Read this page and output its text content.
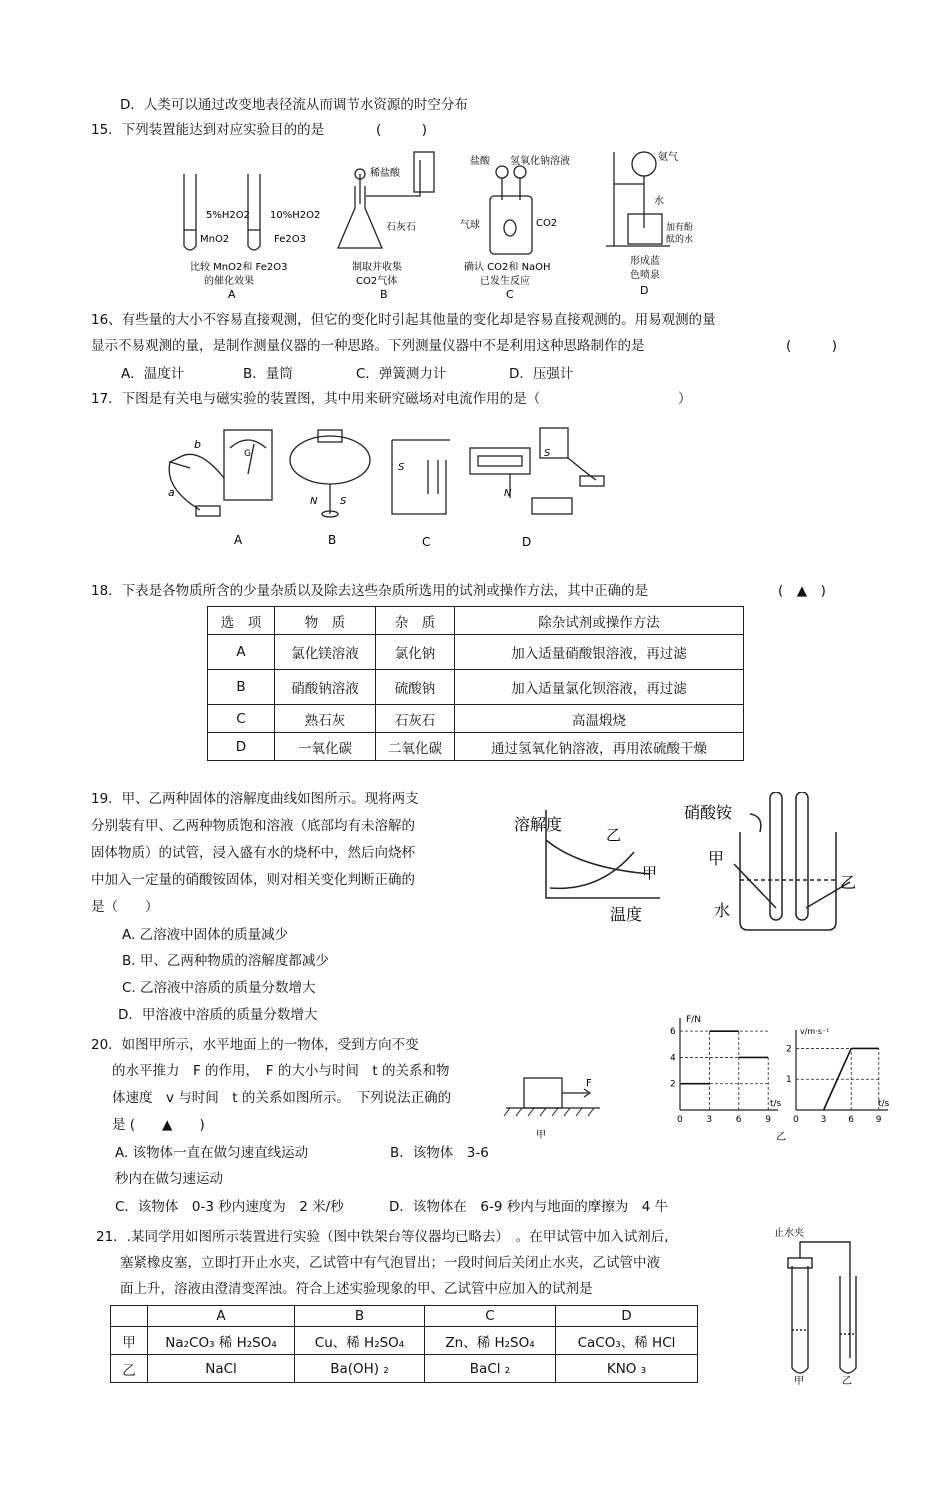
D．人类可以通过改变地表径流从而调节水资源的时空分布
15．下列装置能达到对应实验目的的是	(　　　)
5%H2O2
MnO2
10%H2O2
Fe2O3
比较 MnO2和 Fe2O3
的催化效果
A
稀盐酸
石灰石
制取并收集
CO2气体
B
盐酸 氢氧化钠溶液
气球	CO2
确认 CO2和 NaOH
已发生反应
C
氨气
水
加有酚
酞的水
形成蓝
色喷泉
D
16、有些量的大小不容易直接观测，但它的变化时引起其他量的变化却是容易直接观测的。用易观测的量
显示不易观测的量，是制作测量仪器的一种思路。下列测量仪器中不是利用这种思路制作的是	(　　　)
A．温度计	B．量筒	C．弹簧测力计	D．压强计
17．下图是有关电与磁实验的装置图，其中用来研究磁场对电流作用的是（	）
b
a
G
A
N S
B
S
C
S
N
D
18．下表是各物质所含的少量杂质以及除去这些杂质所选用的试剂或操作方法，其中正确的是	(　▲　)
选　项	物　质	杂　质	除杂试剂或操作方法
A	氯化镁溶液	氯化钠	加入适量硝酸银溶液，再过滤
B	硝酸钠溶液	硫酸钠	加入适量氯化钡溶液，再过滤
C	熟石灰	石灰石	高温煅烧
D	一氧化碳	二氧化碳	通过氢氧化钠溶液，再用浓硫酸干燥
19．甲、乙两种固体的溶解度曲线如图所示。现将两支
分别装有甲、乙两种物质饱和溶液（底部均有未溶解的
固体物质）的试管，浸入盛有水的烧杯中，然后向烧杯
中加入一定量的硝酸铵固体，则对相关变化判断正确的
是（　　）
A. 乙溶液中固体的质量减少
B. 甲、乙两种物质的溶解度都减少
C. 乙溶液中溶质的质量分数增大
D．甲溶液中溶质的质量分数增大
溶解度
温度
甲
乙
硝酸铵
甲
乙
水
20．如图甲所示，水平地面上的一物体，受到方向不变
的水平推力　F 的作用，　F 的大小与时间　t 的关系和物
体速度　v 与时间　t 的关系如图所示。　下列说法正确的
是 (　　▲　　)
A. 该物体一直在做匀速直线运动	B．该物体　3-6
秒内在做匀速运动
C．该物体　0-3 秒内速度为　2 米/秒	D．该物体在　6-9 秒内与地面的摩擦为　4 牛
F
甲
F/N
t/s
0	3	6	9
2
4
6	v/m·s⁻¹
t/s
0 3 6 9
1
2
乙
21．.某同学用如图所示装置进行实验（图中铁架台等仪器均已略去）　。在甲试管中加入试剂后,
塞紧橡皮塞，立即打开止水夹，乙试管中有气泡冒出；一段时间后关闭止水夹，乙试管中液
面上升，溶液由澄清变浑浊。符合上述实验现象的甲、乙试管中应加入的试剂是
	A	B	C	D
甲	Na₂CO₃ 稀 H₂SO₄	Cu、稀 H₂SO₄	Zn、稀 H₂SO₄	CaCO₃、稀 HCl
乙	NaCl	Ba(OH) ₂	BaCl ₂	KNO ₃
止水夹
甲	乙
